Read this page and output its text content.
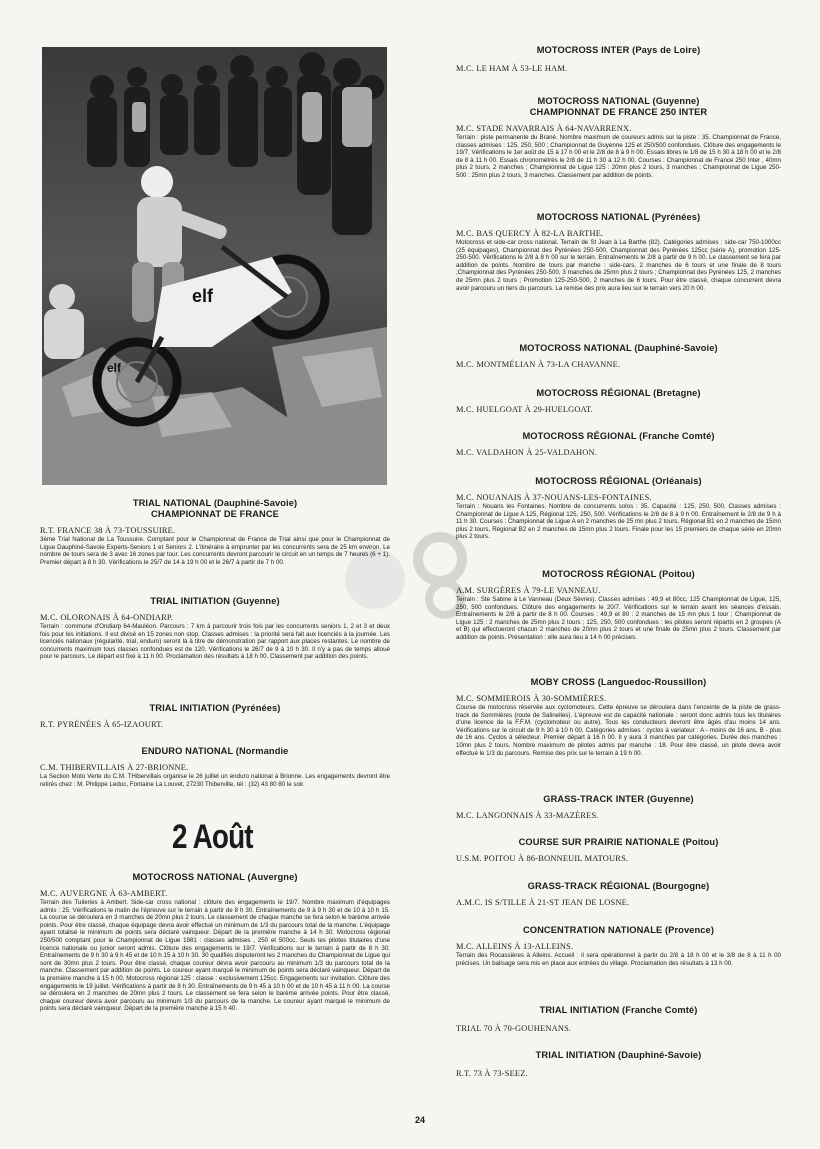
elf
elf

TRIAL NATIONAL (Dauphiné-Savoie)

CHAMPIONNAT DE FRANCE

R.T. FRANCE 38 À 73-TOUSSUIRE.

3ème Trial National de La Toussuire. Comptant pour le Championnat de France de Trial ainsi que pour le Championnat de Ligue Dauphiné-Savoie Experts-Seniors 1 et Seniors 2. L'itinéraire à emprunter par les concurrents sera de 25 km environ. Le nombre de tours sera de 3 avec 16 zones par tour. Les concurrents devront parcourir le circuit en un temps de 7 heures (6 + 1). Premier départ à 8 h 30. Vérifications le 25/7 de 14 à 19 h 00 et le 26/7 à partir de 7 h 00.

TRIAL INITIATION (Guyenne)

M.C. OLORONAIS À 64-ONDIARP.

Terrain : commune d'Ondiarp 64-Mauléon. Parcours : 7 km à parcourir trois fois par les concurrents seniors 1, 2 et 3 et deux fois pour les initiations. Il est divisé en 15 zones non stop. Classes admises : la priorité sera fait aux licenciés à la journée. Les licenciés nationaux (régularité, trial, enduro) seront là à titre de démonstration par rapport aux places restantes. Le nombre de concurrents maximum tous classes confondues est de 120. Vérifications le 26/7 de 9 à 10 h 30. Il n'y a pas de temps alloué pour le parcours. Le départ est fixé à 11 h 00. Proclamation des résultats à 18 h 00. Classement par addition des points.

TRIAL INITIATION (Pyrénées)

R.T. PYRÉNÉES À 65-IZAOURT.

ENDURO NATIONAL (Normandie

C.M. THIBERVILLAIS À 27-BRIONNE.

La Section Moto Verte du C.M. THibervillais organise le 26 juillet un enduro national à Brionne. Les engagements devront être retirés chez : M. Philippe Leduc, Fontaine La Louvet, 27230 Thiberville, tél : (32) 43 80 80 le soir.

2 Août

MOTOCROSS NATIONAL (Auvergne)

M.C. AUVERGNE À 63-AMBERT.

Terrain des Tuileries à Ambert. Side-car cross national : clôture des engagements le 19/7. Nombre maximum d'équipages admis : 25. Vérifications le matin de l'épreuve sur le terrain à partir de 8 h 30. Entraînements de 9 à 9 h 30 et de 10 à 10 h 15. La course se déroulera en 3 manches de 20mn plus 2 tours. Le classement de chaque manche se fera selon le barème arrivée points. Pour être classé, chaque équipage devra avoir effectué un minimum de 1/3 du parcours total de la manche. L'équipage ayant totalisé le minimum de points sera déclaré vainqueur. Départ de la première manche à 14 h 30. Motocross régional 250/500 comptant pour le Championnat de Ligue 1981 : classes admises , 250 et 500cc. Seuls les pilotes titulaires d'une licence nationale ou junior seront admis. Clôture des engagements le 19/7. Vérifications sur le terrain à partir de 8 h 30. Entraînements de 9 h 30 à 9 h 45 et de 10 h 15 à 10 h 30. 30 qualifiés disputeront les 2 manches du Championnat de Ligue qui sont de 30mn plus 2 tours. Pour être classé, chaque coureur devra avoir parcouru au minimum 1/3 du parcours total de la manche. Classement par addition de points. Le coureur ayant marqué le minimum de points sera déclaré vainqueur. Départ de la première manche à 15 h 00. Motocross régional 125 : classe : exclusivement 125cc. Engagements sur invitation. Clôture des engagements le 19 juillet. Vérifications à partir de 8 h 30. Entraînements de 9 h 45 à 10 h 00 et de 10 h 45 à 11 h 00. La course se déroulera en 2 manches de 20mn plus 2 tours. Le classement se fera selon le barème arrivée points. Pour être classé, chaque coureur devra avoir parcouru au minimum 1/3 du parcours de la manche. Le coureur ayant marqué le minimum de points sera déclaré vainqueur. Départ de la première manche à 15 h 40.

MOTOCROSS INTER (Pays de Loire)

M.C. LE HAM À 53-LE HAM.

MOTOCROSS NATIONAL (Guyenne)

CHAMPIONNAT DE FRANCE 250 INTER

M.C. STADE NAVARRAIS À 64-NAVARRENX.

Terrain : piste permanente du Brané. Nombre maximum de coureurs admis sur la piste : 35. Championnat de France, classes admises : 125, 250, 500 ; Championnat de Guyenne 125 et 250/500 confondues. Clôture des engagements le 19/7. Vérifications le 1er août de 15 à 17 h 00 et le 2/8 de 8 à 9 h 00. Essais libres le 1/8 de 15 h 30 à 18 h 00 et le 2/8 de 8 à 11 h 00. Essais chronométrés le 2/8 de 11 h 30 à 12 h 00. Courses : Championnat de France 250 Inter , 40mn plus 2 tours, 2 manches ; Championnat de Ligue 125 : 20mn plus 2 tours, 3 manches ; Championnat de Ligue 250-500 : 25mn plus 2 tours, 3 manches. Classement par addition de points.

MOTOCROSS NATIONAL (Pyrénées)

M.C. BAS QUERCY À 82-LA BARTHE.

Motocross et side-car cross national. Terrain de St Jean à La Barthe (82). Catégories admises : side-car 750-1000cc (25 équipages), Championnat des Pyrénées 250-500, Championnat des Pyrénées 125cc (série A), promotion 125-250-500. Vérifications le 2/8 à 8 h 00 sur le terrain. Entraînements le 2/8 à partir de 9 h 00. Le classement se fera par addition de points. Nombre de tours par manche : side-cars, 2 manches de 6 tours et une finale de 8 tours ;Championnat des Pyrénées 250-500, 3 manches de 25mn plus 2 tours ; Championnat des Pyrénées 125, 2 manches de 25mn plus 2 tours ; Promotion 125-250-500, 2 manches de 6 tours. Pour être classé, chaque concurrent devra avoir parcouru un tiers du parcours. La remise des prix aura lieu sur le terrain vers 20 h 00.

MOTOCROSS NATIONAL (Dauphiné-Savoie)

M.C. MONTMÉLIAN À 73-LA CHAVANNE.

MOTOCROSS RÉGIONAL (Bretagne)

M.C. HUELGOAT À 29-HUELGOAT.

MOTOCROSS RÉGIONAL (Franche Comté)

M.C. VALDAHON À 25-VALDAHON.

MOTOCROSS RÉGIONAL (Orléanais)

M.C. NOUANAIS À 37-NOUANS-LES-FONTAINES.

Terrain : Nouans les Fontaines. Nombre de concurrents solos : 35. Capacité : 125, 250, 500. Classes admises : Championnat de Ligue A 125, Régional 125, 250, 500. Vérifications le 2/8 de 8 à 9 h 00. Entraînement le 2/8 de 9 h à 11 h 30. Courses : Championnat de Ligue A en 2 manches de 25 mn plus 2 tours, Régional B1 en 2 manches de 15mn plus 2 tours, Régional B2 en 2 manches de 15mn plus 2 tours. Finale pour les 15 premiers de chaque série en 20mn plus 2 tours.

MOTOCROSS RÉGIONAL (Poitou)

A.M. SURGÈRES À 79-LE VANNEAU.

Terrain : Ste Sabine à Le Vanneau (Deux Sèvres). Classes admises : 49,9 et 80cc, 125 Championnat de Ligue, 125, 250, 500 confondues. Clôture des engagements le 20/7. Vérifications sur le terrain avant les séances d'essais. Entraînements le 2/8 à partir de 8 h 00. Courses : 49,9 et 80 : 2 manches de 15 mn plus 1 tour ; Championnat de Ligue 125 : 2 manches de 25mn plus 2 tours ; 125, 250, 500 confondues : les pilotes seront répartis en 2 groupes (A et B) qui effectueront chacun 2 manches de 20mn plus 2 tours et une finale de 25mn plus 2 tours. Classement par addition de points. Présentation : elle aura lieu à 14 h 00 précises.

MOBY CROSS (Languedoc-Roussillon)

M.C. SOMMIEROIS À 30-SOMMIÈRES.

Course de motocross réservée aux cyclomoteurs. Cette épreuve se déroulera dans l'enceinte de la piste de grass-track de Sommières (route de Salinelles). L'épreuve est de capacité nationale : seront donc admis tous les titulaires d'une licence de la F.F.M. (cyclomoteur ou autre). Tous les conducteurs devront être âgés d'au moins 14 ans. Vérifications sur le circuit de 9 h 30 à 10 h 00. Catégories admises : cyclos à variateur : A - moins de 16 ans, B - plus de 16 ans. Cyclos à sélecteur. Premier départ à 16 h 00. Il y aura 3 manches par catégories. Durée des manches : 10mn plus 2 tours. Nombre maximum de pilotes admis par manche : 18. Pour être classé, un pilote devra avoir effectué le 1/3 du parcours. Remise des prix sur le terrain à 19 h 00.

GRASS-TRACK INTER (Guyenne)

M.C. LANGONNAIS À 33-MAZÈRES.

COURSE SUR PRAIRIE NATIONALE (Poitou)

U.S.M. POITOU À 86-BONNEUIL MATOURS.

GRASS-TRACK RÉGIONAL (Bourgogne)

A.M.C. IS S/TILLE À 21-ST JEAN DE LOSNE.

CONCENTRATION NATIONALE (Provence)

M.C. ALLEINS À 13-ALLEINS.

Terrain des Rocassières à Alleins. Accueil : il sera opérationnel à partir du 2/8 à 18 h 00 et le 3/8 de 8 à 11 h 00 précises. Un balisage sera mis en place aux entrées du village. Proclamation des résultats à 13 h 00.

TRIAL INITIATION (Franche Comté)

TRIAL 70 À 70-GOUHENANS.

TRIAL INITIATION (Dauphiné-Savoie)

R.T. 73 À 73-SEEZ.

24
